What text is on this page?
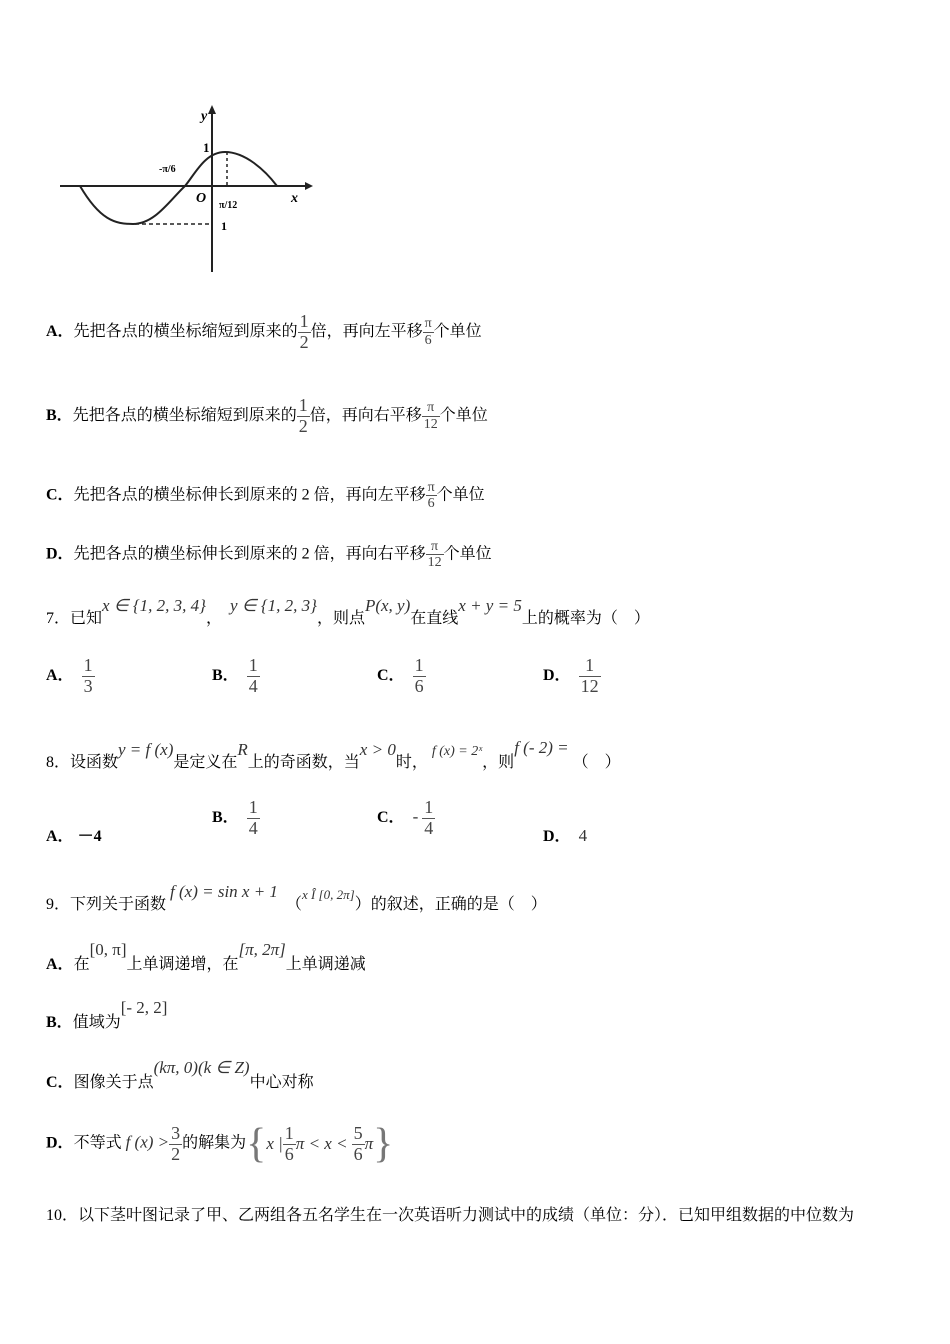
y
x
O
1
-π/6
π/12
1
A．先把各点的横坐标缩短到原来的 $\frac{1}{2}$ 倍，再向左平移 $\frac{\pi}{6}$ 个单位
B．先把各点的横坐标缩短到原来的 $\frac{1}{2}$ 倍，再向右平移 $\frac{\pi}{12}$ 个单位
C．先把各点的横坐标伸长到原来的 2 倍，再向左平移 $\frac{\pi}{6}$ 个单位
D．先把各点的横坐标伸长到原来的 2 倍，再向右平移 $\frac{\pi}{12}$ 个单位
7．已知x ∈ {1, 2, 3, 4}，  y ∈ {1, 2, 3}，则点P(x, y)在直线x + y = 5上的概率为（　）
A． $\frac{1}{3}$	B． $\frac{1}{4}$	C． $\frac{1}{6}$	D． $\frac{1}{12}$
8．设函数y = f (x)是定义在R上的奇函数，当x > 0时， f (x) = 2ˣ，则f (- 2) = （　）
A． －4
B． $\frac{1}{4}$	C． - $\frac{1}{4}$	D． 4
9．下列关于函数 f (x) = sin x + 1  （$^{x Î [0, 2\pi]}$）的叙述，正确的是（　）
A．在[0, π]上单调递增，在[π, 2π]上单调递减
B．值域为[- 2, 2]
C．图像关于点(kπ, 0)(k ∈ Z)中心对称
D．不等式 f $(x) > \frac{3}{2}$ 的解集为 { x | $\frac{1}{6}$ π < x <
$\frac{5}{6}$ π }
10．以下茎叶图记录了甲、乙两组各五名学生在一次英语听力测试中的成绩（单位：分）．已知甲组数据的中位数为
